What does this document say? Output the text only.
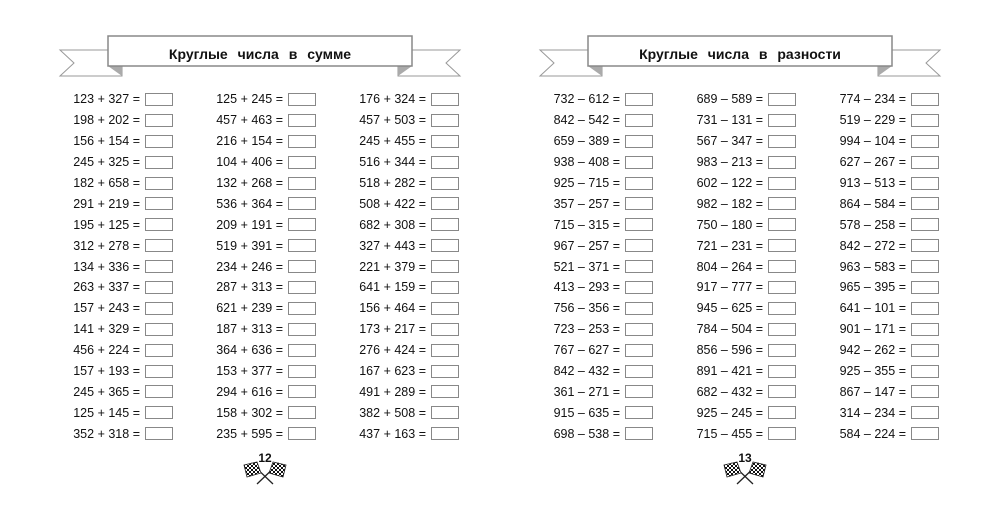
Круглые числа в сумме
123 + 327 =	125 + 245 =	176 + 324 =
198 + 202 =	457 + 463 =	457 + 503 =
156 + 154 =	216 + 154 =	245 + 455 =
245 + 325 =	104 + 406 =	516 + 344 =
182 + 658 =	132 + 268 =	518 + 282 =
291 + 219 =	536 + 364 =	508 + 422 =
195 + 125 =	209 + 191 =	682 + 308 =
312 + 278 =	519 + 391 =	327 + 443 =
134 + 336 =	234 + 246 =	221 + 379 =
263 + 337 =	287 + 313 =	641 + 159 =
157 + 243 =	621 + 239 =	156 + 464 =
141 + 329 =	187 + 313 =	173 + 217 =
456 + 224 =	364 + 636 =	276 + 424 =
157 + 193 =	153 + 377 =	167 + 623 =
245 + 365 =	294 + 616 =	491 + 289 =
125 + 145 =	158 + 302 =	382 + 508 =
352 + 318 =	235 + 595 =	437 + 163 =
12
Круглые числа в разности
732 – 612 =	689 – 589 =	774 – 234 =
842 – 542 =	731 – 131 =	519 – 229 =
659 – 389 =	567 – 347 =	994 – 104 =
938 – 408 =	983 – 213 =	627 – 267 =
925 – 715 =	602 – 122 =	913 – 513 =
357 – 257 =	982 – 182 =	864 – 584 =
715 – 315 =	750 – 180 =	578 – 258 =
967 – 257 =	721 – 231 =	842 – 272 =
521 – 371 =	804 – 264 =	963 – 583 =
413 – 293 =	917 – 777 =	965 – 395 =
756 – 356 =	945 – 625 =	641 – 101 =
723 – 253 =	784 – 504 =	901 – 171 =
767 – 627 =	856 – 596 =	942 – 262 =
842 – 432 =	891 – 421 =	925 – 355 =
361 – 271 =	682 – 432 =	867 – 147 =
915 – 635 =	925 – 245 =	314 – 234 =
698 – 538 =	715 – 455 =	584 – 224 =
13
